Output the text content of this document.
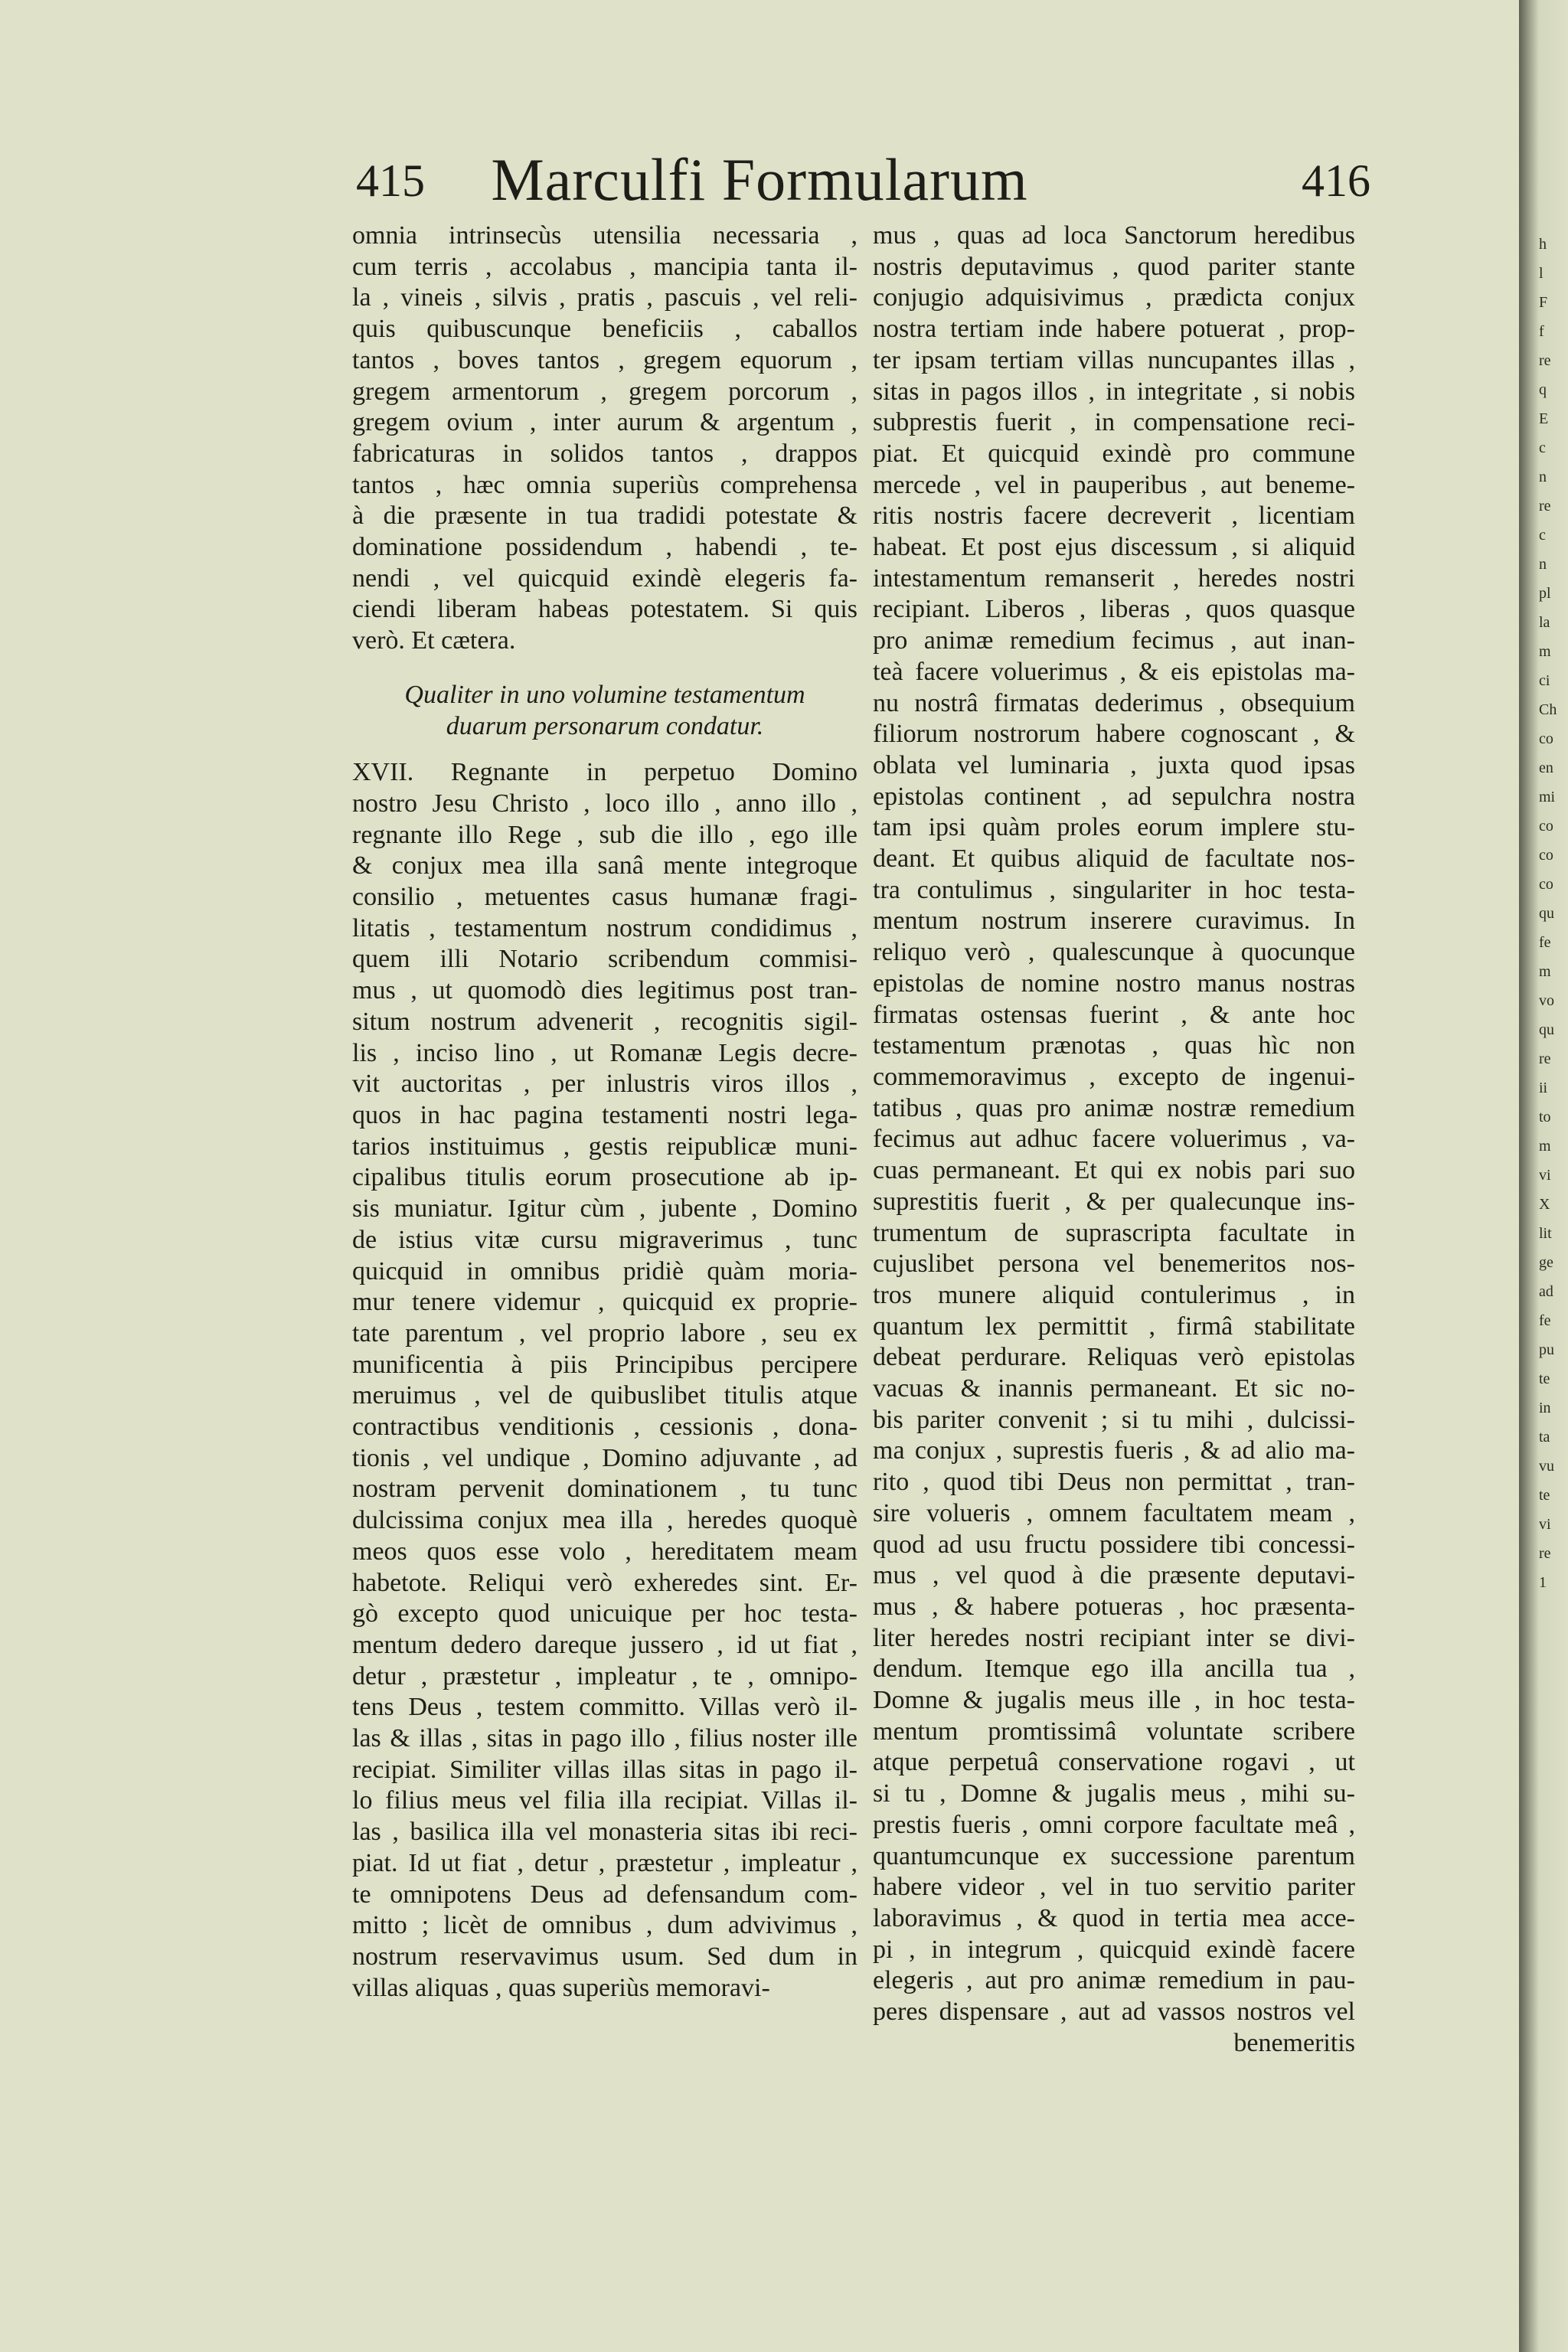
415	Marculfi Formularum	416
omnia intrinsecùs utensilia necessaria ,
cum terris , accolabus , mancipia tanta il-
la , vineis , silvis , pratis , pascuis , vel reli-
quis quibuscunque beneficiis , caballos
tantos , boves tantos , gregem equorum ,
gregem armentorum , gregem porcorum ,
gregem ovium , inter aurum & argentum ,
fabricaturas in solidos tantos , drappos
tantos , hæc omnia superiùs comprehensa
à die præsente in tua tradidi potestate &
dominatione possidendum , habendi , te-
nendi , vel quicquid exindè elegeris fa-
ciendi liberam habeas potestatem. Si quis
verò. Et cætera.
Qualiter in uno volumine testamentum
duarum personarum condatur.
XVII. Regnante in perpetuo Domino
nostro Jesu Christo , loco illo , anno illo ,
regnante illo Rege , sub die illo , ego ille
& conjux mea illa sanâ mente integroque
consilio , metuentes casus humanæ fragi-
litatis , testamentum nostrum condidimus ,
quem illi Notario scribendum commisi-
mus , ut quomodò dies legitimus post tran-
situm nostrum advenerit , recognitis sigil-
lis , inciso lino , ut Romanæ Legis decre-
vit auctoritas , per inlustris viros illos ,
quos in hac pagina testamenti nostri lega-
tarios instituimus , gestis reipublicæ muni-
cipalibus titulis eorum prosecutione ab ip-
sis muniatur. Igitur cùm , jubente , Domino
de istius vitæ cursu migraverimus , tunc
quicquid in omnibus pridiè quàm moria-
mur tenere videmur , quicquid ex proprie-
tate parentum , vel proprio labore , seu ex
munificentia à piis Principibus percipere
meruimus , vel de quibuslibet titulis atque
contractibus venditionis , cessionis , dona-
tionis , vel undique , Domino adjuvante , ad
nostram pervenit dominationem , tu tunc
dulcissima conjux mea illa , heredes quoquè
meos quos esse volo , hereditatem meam
habetote. Reliqui verò exheredes sint. Er-
gò excepto quod unicuique per hoc testa-
mentum dedero dareque jussero , id ut fiat ,
detur , præstetur , impleatur , te , omnipo-
tens Deus , testem committo. Villas verò il-
las & illas , sitas in pago illo , filius noster ille
recipiat. Similiter villas illas sitas in pago il-
lo filius meus vel filia illa recipiat. Villas il-
las , basilica illa vel monasteria sitas ibi reci-
piat. Id ut fiat , detur , præstetur , impleatur ,
te omnipotens Deus ad defensandum com-
mitto ; licèt de omnibus , dum advivimus ,
nostrum reservavimus usum. Sed dum in
villas aliquas , quas superiùs memoravi-
mus , quas ad loca Sanctorum heredibus
nostris deputavimus , quod pariter stante
conjugio adquisivimus , prædicta conjux
nostra tertiam inde habere potuerat , prop-
ter ipsam tertiam villas nuncupantes illas ,
sitas in pagos illos , in integritate , si nobis
subprestis fuerit , in compensatione reci-
piat. Et quicquid exindè pro commune
mercede , vel in pauperibus , aut beneme-
ritis nostris facere decreverit , licentiam
habeat. Et post ejus discessum , si aliquid
intestamentum remanserit , heredes nostri
recipiant. Liberos , liberas , quos quasque
pro animæ remedium fecimus , aut inan-
teà facere voluerimus , & eis epistolas ma-
nu nostrâ firmatas dederimus , obsequium
filiorum nostrorum habere cognoscant , &
oblata vel luminaria , juxta quod ipsas
epistolas continent , ad sepulchra nostra
tam ipsi quàm proles eorum implere stu-
deant. Et quibus aliquid de facultate nos-
tra contulimus , singulariter in hoc testa-
mentum nostrum inserere curavimus. In
reliquo verò , qualescunque à quocunque
epistolas de nomine nostro manus nostras
firmatas ostensas fuerint , & ante hoc
testamentum prænotas , quas hìc non
commemoravimus , excepto de ingenui-
tatibus , quas pro animæ nostræ remedium
fecimus aut adhuc facere voluerimus , va-
cuas permaneant. Et qui ex nobis pari suo
suprestitis fuerit , & per qualecunque ins-
trumentum de suprascripta facultate in
cujuslibet persona vel benemeritos nos-
tros munere aliquid contulerimus , in
quantum lex permittit , firmâ stabilitate
debeat perdurare. Reliquas verò epistolas
vacuas & inannis permaneant. Et sic no-
bis pariter convenit ; si tu mihi , dulcissi-
ma conjux , suprestis fueris , & ad alio ma-
rito , quod tibi Deus non permittat , tran-
sire volueris , omnem facultatem meam ,
quod ad usu fructu possidere tibi concessi-
mus , vel quod à die præsente deputavi-
mus , & habere potueras , hoc præsenta-
liter heredes nostri recipiant inter se divi-
dendum. Itemque ego illa ancilla tua ,
Domne & jugalis meus ille , in hoc testa-
mentum promtissimâ voluntate scribere
atque perpetuâ conservatione rogavi , ut
si tu , Domne & jugalis meus , mihi su-
prestis fueris , omni corpore facultate meâ ,
quantumcunque ex successione parentum
habere videor , vel in tuo servitio pariter
laboravimus , & quod in tertia mea acce-
pi , in integrum , quicquid exindè facere
elegeris , aut pro animæ remedium in pau-
peres dispensare , aut ad vassos nostros vel
benemeritis
h
l
F
f
re
q
E
c
n
re
c
n
pl
la
m
ci
Ch
co
en
mi
co
co
co
qu
fe
m
vo
qu
re
ii
to
m
vi
X
lit
ge
ad
fe
pu
te
in
ta
vu
te
vi
re
1
